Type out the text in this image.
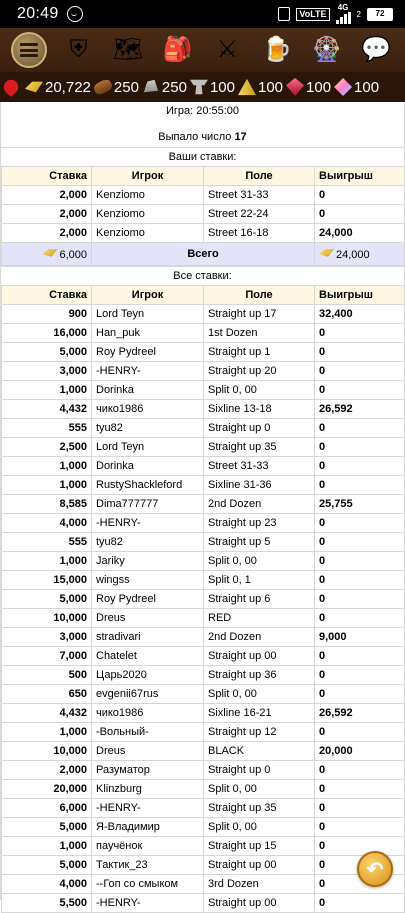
20:49	VoLTE
4G
2	72
⛨ 🗺 🎒 ⚔ 🍺 🎡 💬
20,722 250 250 100 100 100 100
Игра: 20:55:00
Выпало число 17
Ваши ставки:
Ставка	Игрок	Поле	Выигрыш
2,000	Kenziomo	Street 31-33	0
2,000	Kenziomo	Street 22-24	0
2,000	Kenziomo	Street 16-18	24,000
6,000	Всего		24,000
Все ставки:
Ставка	Игрок	Поле	Выигрыш
900	Lord Teyn	Straight up 17	32,400
16,000	Han_puk	1st Dozen	0
5,000	Roy Pydreel	Straight up 1	0
3,000	-HENRY-	Straight up 20	0
1,000	Dorinka	Split 0, 00	0
4,432	чико1986	Sixline 13-18	26,592
555	tyu82	Straight up 0	0
2,500	Lord Teyn	Straight up 35	0
1,000	Dorinka	Street 31-33	0
1,000	RustyShackleford	Sixline 31-36	0
8,585	Dima777777	2nd Dozen	25,755
4,000	-HENRY-	Straight up 23	0
555	tyu82	Straight up 5	0
1,000	Jariky	Split 0, 00	0
15,000	wingss	Split 0, 1	0
5,000	Roy Pydreel	Straight up 6	0
10,000	Dreus	RED	0
3,000	stradivari	2nd Dozen	9,000
7,000	Chatelet	Straight up 00	0
500	Царь2020	Straight up 36	0
650	evgenii67rus	Split 0, 00	0
4,432	чико1986	Sixline 16-21	26,592
1,000	-Вольный-	Straight up 12	0
10,000	Dreus	BLACK	20,000
2,000	Разуматор	Straight up 0	0
20,000	Klinzburg	Split 0, 00	0
6,000	-HENRY-	Straight up 35	0
5,000	Я-Владимир	Split 0, 00	0
1,000	паучёнок	Straight up 15	0
5,000	Тактик_23	Straight up 00	0
4,000	--Гоп со смыком	3rd Dozen	0
5,500	-HENRY-	Straight up 00	0
↶
